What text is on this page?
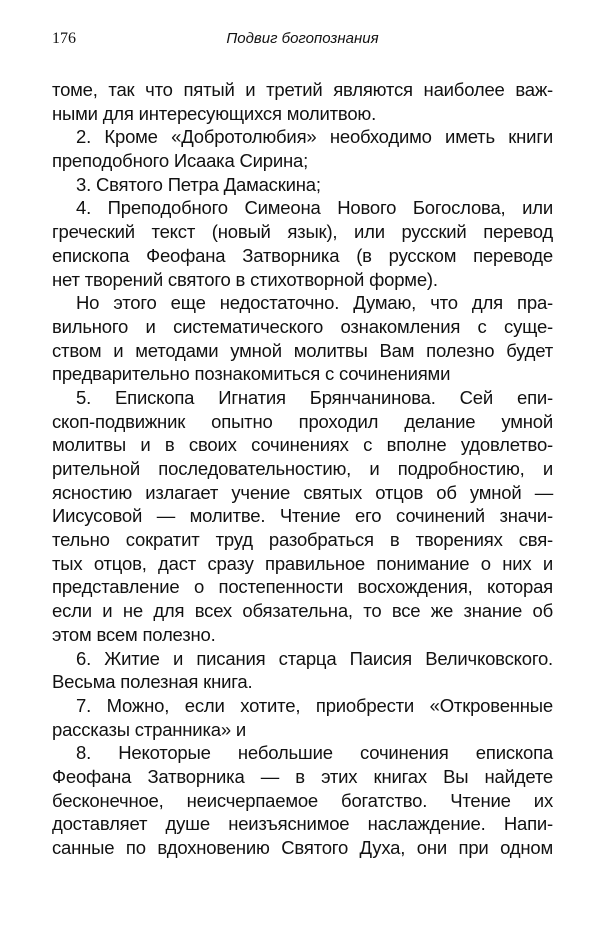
176	Подвиг богопознания
томе, так что пятый и третий являются наиболее важ-
ными для интересующихся молитвою.
2. Кроме «Добротолюбия» необходимо иметь книги
преподобного Исаака Сирина;
3. Святого Петра Дамаскина;
4. Преподобного Симеона Нового Богослова, или
греческий текст (новый язык), или русский перевод
епископа Феофана Затворника (в русском переводе
нет творений святого в стихотворной форме).
Но этого еще недостаточно. Думаю, что для пра-
вильного и систематического ознакомления с суще-
ством и методами умной молитвы Вам полезно будет
предварительно познакомиться с сочинениями
5. Епископа Игнатия Брянчанинова. Сей епи-
скоп-подвижник опытно проходил делание умной
молитвы и в своих сочинениях с вполне удовлетво-
рительной последовательностию, и подробностию, и
ясностию излагает учение святых отцов об умной —
Иисусовой — молитве. Чтение его сочинений значи-
тельно сократит труд разобраться в творениях свя-
тых отцов, даст сразу правильное понимание о них и
представление о постепенности восхождения, которая
если и не для всех обязательна, то все же знание об
этом всем полезно.
6. Житие и писания старца Паисия Величковского.
Весьма полезная книга.
7. Можно, если хотите, приобрести «Откровенные
рассказы странника» и
8. Некоторые небольшие сочинения епископа
Феофана Затворника — в этих книгах Вы найдете
бесконечное, неисчерпаемое богатство. Чтение их
доставляет душе неизъяснимое наслаждение. Напи-
санные по вдохновению Святого Духа, они при одном
